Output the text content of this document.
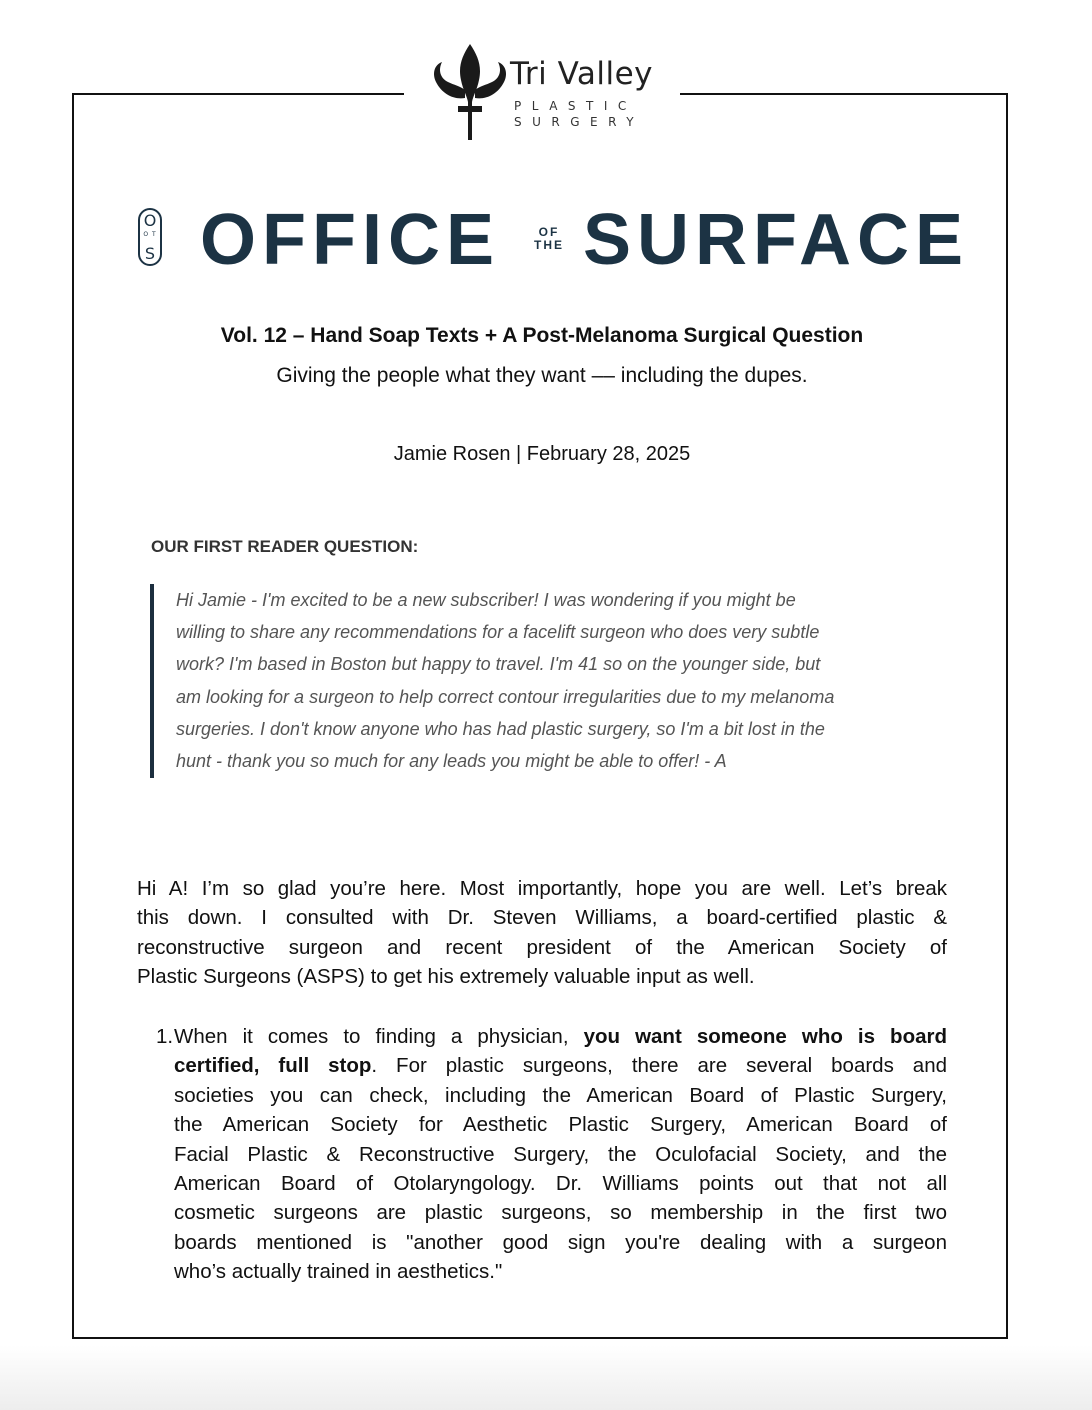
Tri Valley
PLASTIC
SURGERY
O
O T
S OFFICE	OF
THE SURFACE
Vol. 12 – Hand Soap Texts + A Post-Melanoma Surgical Question
Giving the people what they want –– including the dupes.
Jamie Rosen | February 28, 2025
OUR FIRST READER QUESTION:
Hi Jamie - I'm excited to be a new subscriber! I was wondering if you might be
willing to share any recommendations for a facelift surgeon who does very subtle
work? I'm based in Boston but happy to travel. I'm 41 so on the younger side, but
am looking for a surgeon to help correct contour irregularities due to my melanoma
surgeries. I don't know anyone who has had plastic surgery, so I'm a bit lost in the
hunt - thank you so much for any leads you might be able to offer! - A
Hi A! I’m so glad you’re here. Most importantly, hope you are well. Let’s break
this down. I consulted with Dr. Steven Williams, a board-certified plastic &
reconstructive surgeon and recent president of the American Society of
Plastic Surgeons (ASPS) to get his extremely valuable input as well.
1. When it comes to finding a physician, you want someone who is board
certified, full stop. For plastic surgeons, there are several boards and
societies you can check, including the American Board of Plastic Surgery,
the American Society for Aesthetic Plastic Surgery, American Board of
Facial Plastic & Reconstructive Surgery, the Oculofacial Society, and the
American Board of Otolaryngology. Dr. Williams points out that not all
cosmetic surgeons are plastic surgeons, so membership in the first two
boards mentioned is "another good sign you're dealing with a surgeon
who’s actually trained in aesthetics."
